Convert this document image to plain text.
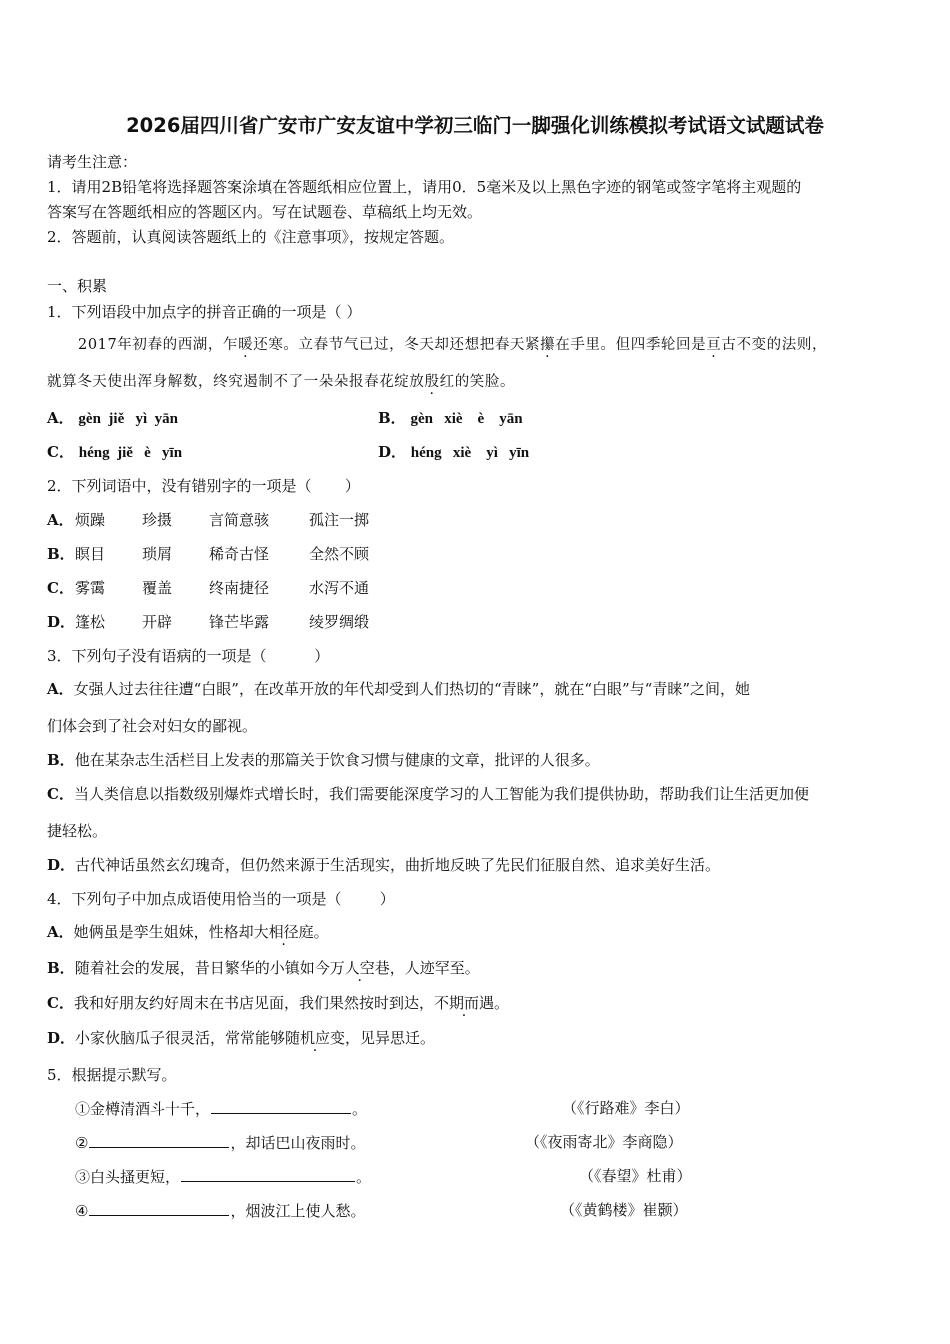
2026届四川省广安市广安友谊中学初三临门一脚强化训练模拟考试语文试题试卷
请考生注意：
1．请用2B铅笔将选择题答案涂填在答题纸相应位置上，请用0．5毫米及以上黑色字迹的钢笔或签字笔将主观题的
答案写在答题纸相应的答题区内。写在试题卷、草稿纸上均无效。
2．答题前，认真阅读答题纸上的《注意事项》，按规定答题。
一、积累
1．下列语段中加点字的拼音正确的一项是（ ）
2017年初春的西湖，乍暖还寒。立春节气已过，冬天却还想把春天紧攥在手里。但四季轮回是亘古不变的法则，
就算冬天使出浑身解数，终究遏制不了一朵朵报春花绽放殷红的笑脸。
A． gèn  jiě   yì  yān	B． gèn   xiè    è    yān
C． héng  jiě   è   yīn	D． héng   xiè    yì   yīn
2．下列词语中，没有错别字的一项是（       ）
A． 烦躁 珍摄 言简意骇	孤注一掷
B． 瞑目 琐屑 稀奇古怪	全然不顾
C． 雾霭 覆盖 终南捷径	水泻不通
D． 篷松 开辟 锋芒毕露	绫罗绸缎
3．下列句子没有语病的一项是（          ）
A．女强人过去往往遭“白眼”，在改革开放的年代却受到人们热切的“青睐”，就在“白眼”与“青睐”之间，她
们体会到了社会对妇女的鄙视。
B．他在某杂志生活栏目上发表的那篇关于饮食习惯与健康的文章，批评的人很多。
C．当人类信息以指数级别爆炸式增长时，我们需要能深度学习的人工智能为我们提供协助，帮助我们让生活更加便
捷轻松。
D．古代神话虽然玄幻瑰奇，但仍然来源于生活现实，曲折地反映了先民们征服自然、追求美好生活。
4．下列句子中加点成语使用恰当的一项是（        ）
A．她俩虽是孪生姐妹，性格却大相径庭。
B．随着社会的发展，昔日繁华的小镇如今万人空巷，人迹罕至。
C．我和好朋友约好周末在书店见面，我们果然按时到达，不期而遇。
D．小家伙脑瓜子很灵活，常常能够随机应变，见异思迁。
5．根据提示默写。
①金樽清酒斗十千，	。	（《行路难》李白）
②	，却话巴山夜雨时。	（《夜雨寄北》李商隐）
③白头搔更短，	。	（《春望》杜甫）
④	，烟波江上使人愁。	（《黄鹤楼》崔颢）
